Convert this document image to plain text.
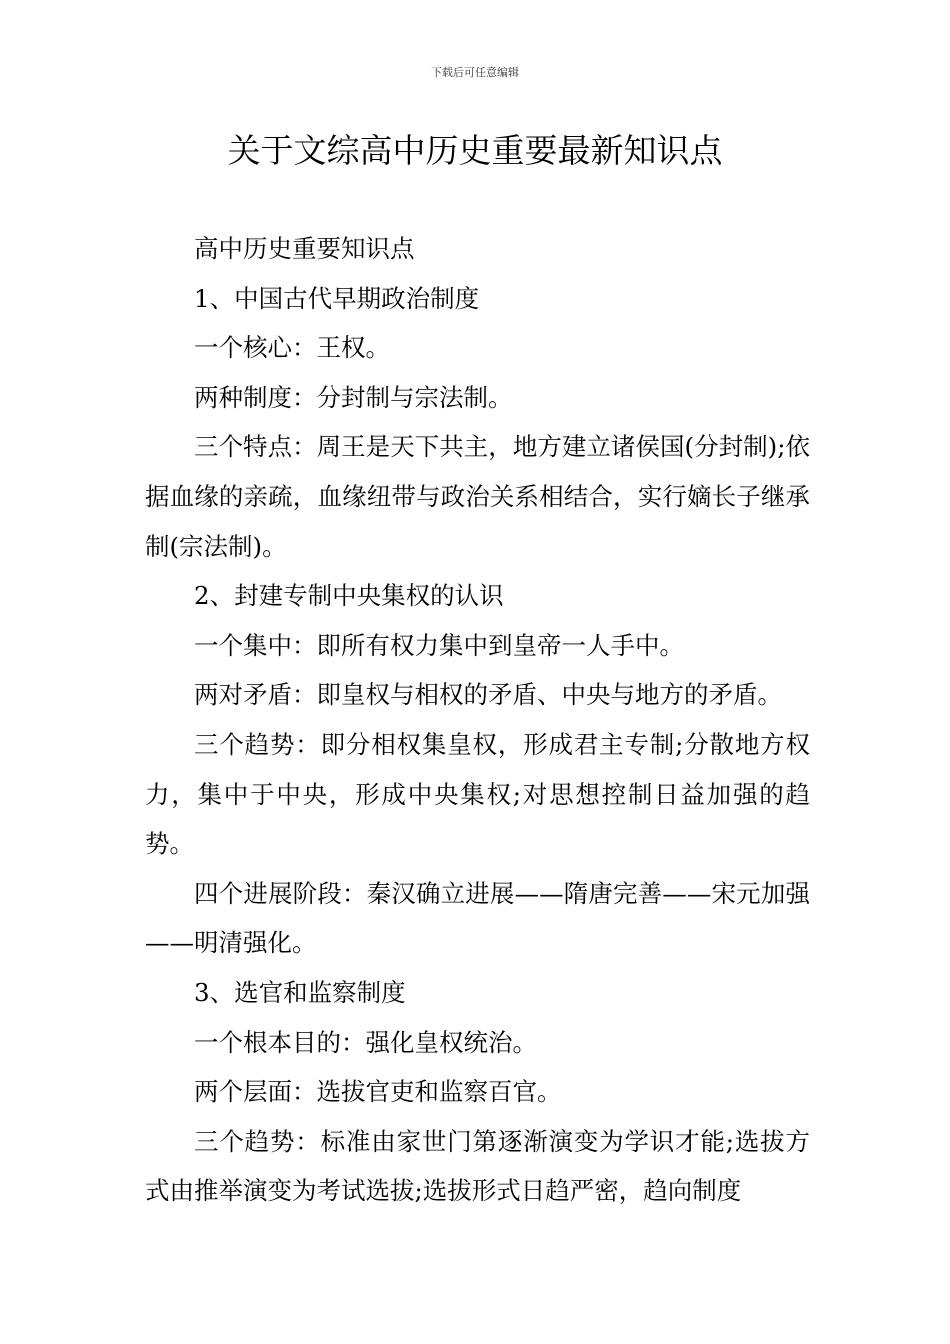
下载后可任意编辑
关于文综高中历史重要最新知识点

高中历史重要知识点

1、中国古代早期政治制度

一个核心：王权。

两种制度：分封制与宗法制。

三个特点：周王是天下共主，地方建立诸侯国(分封制);依据血缘的亲疏，血缘纽带与政治关系相结合，实行嫡长子继承制(宗法制)。

2、封建专制中央集权的认识

一个集中：即所有权力集中到皇帝一人手中。

两对矛盾：即皇权与相权的矛盾、中央与地方的矛盾。

三个趋势：即分相权集皇权，形成君主专制;分散地方权力，集中于中央，形成中央集权;对思想控制日益加强的趋势。

四个进展阶段：秦汉确立进展——隋唐完善——宋元加强——明清强化。

3、选官和监察制度

一个根本目的：强化皇权统治。

两个层面：选拔官吏和监察百官。

三个趋势：标准由家世门第逐渐演变为学识才能;选拔方式由推举演变为考试选拔;选拔形式日趋严密，趋向制度
